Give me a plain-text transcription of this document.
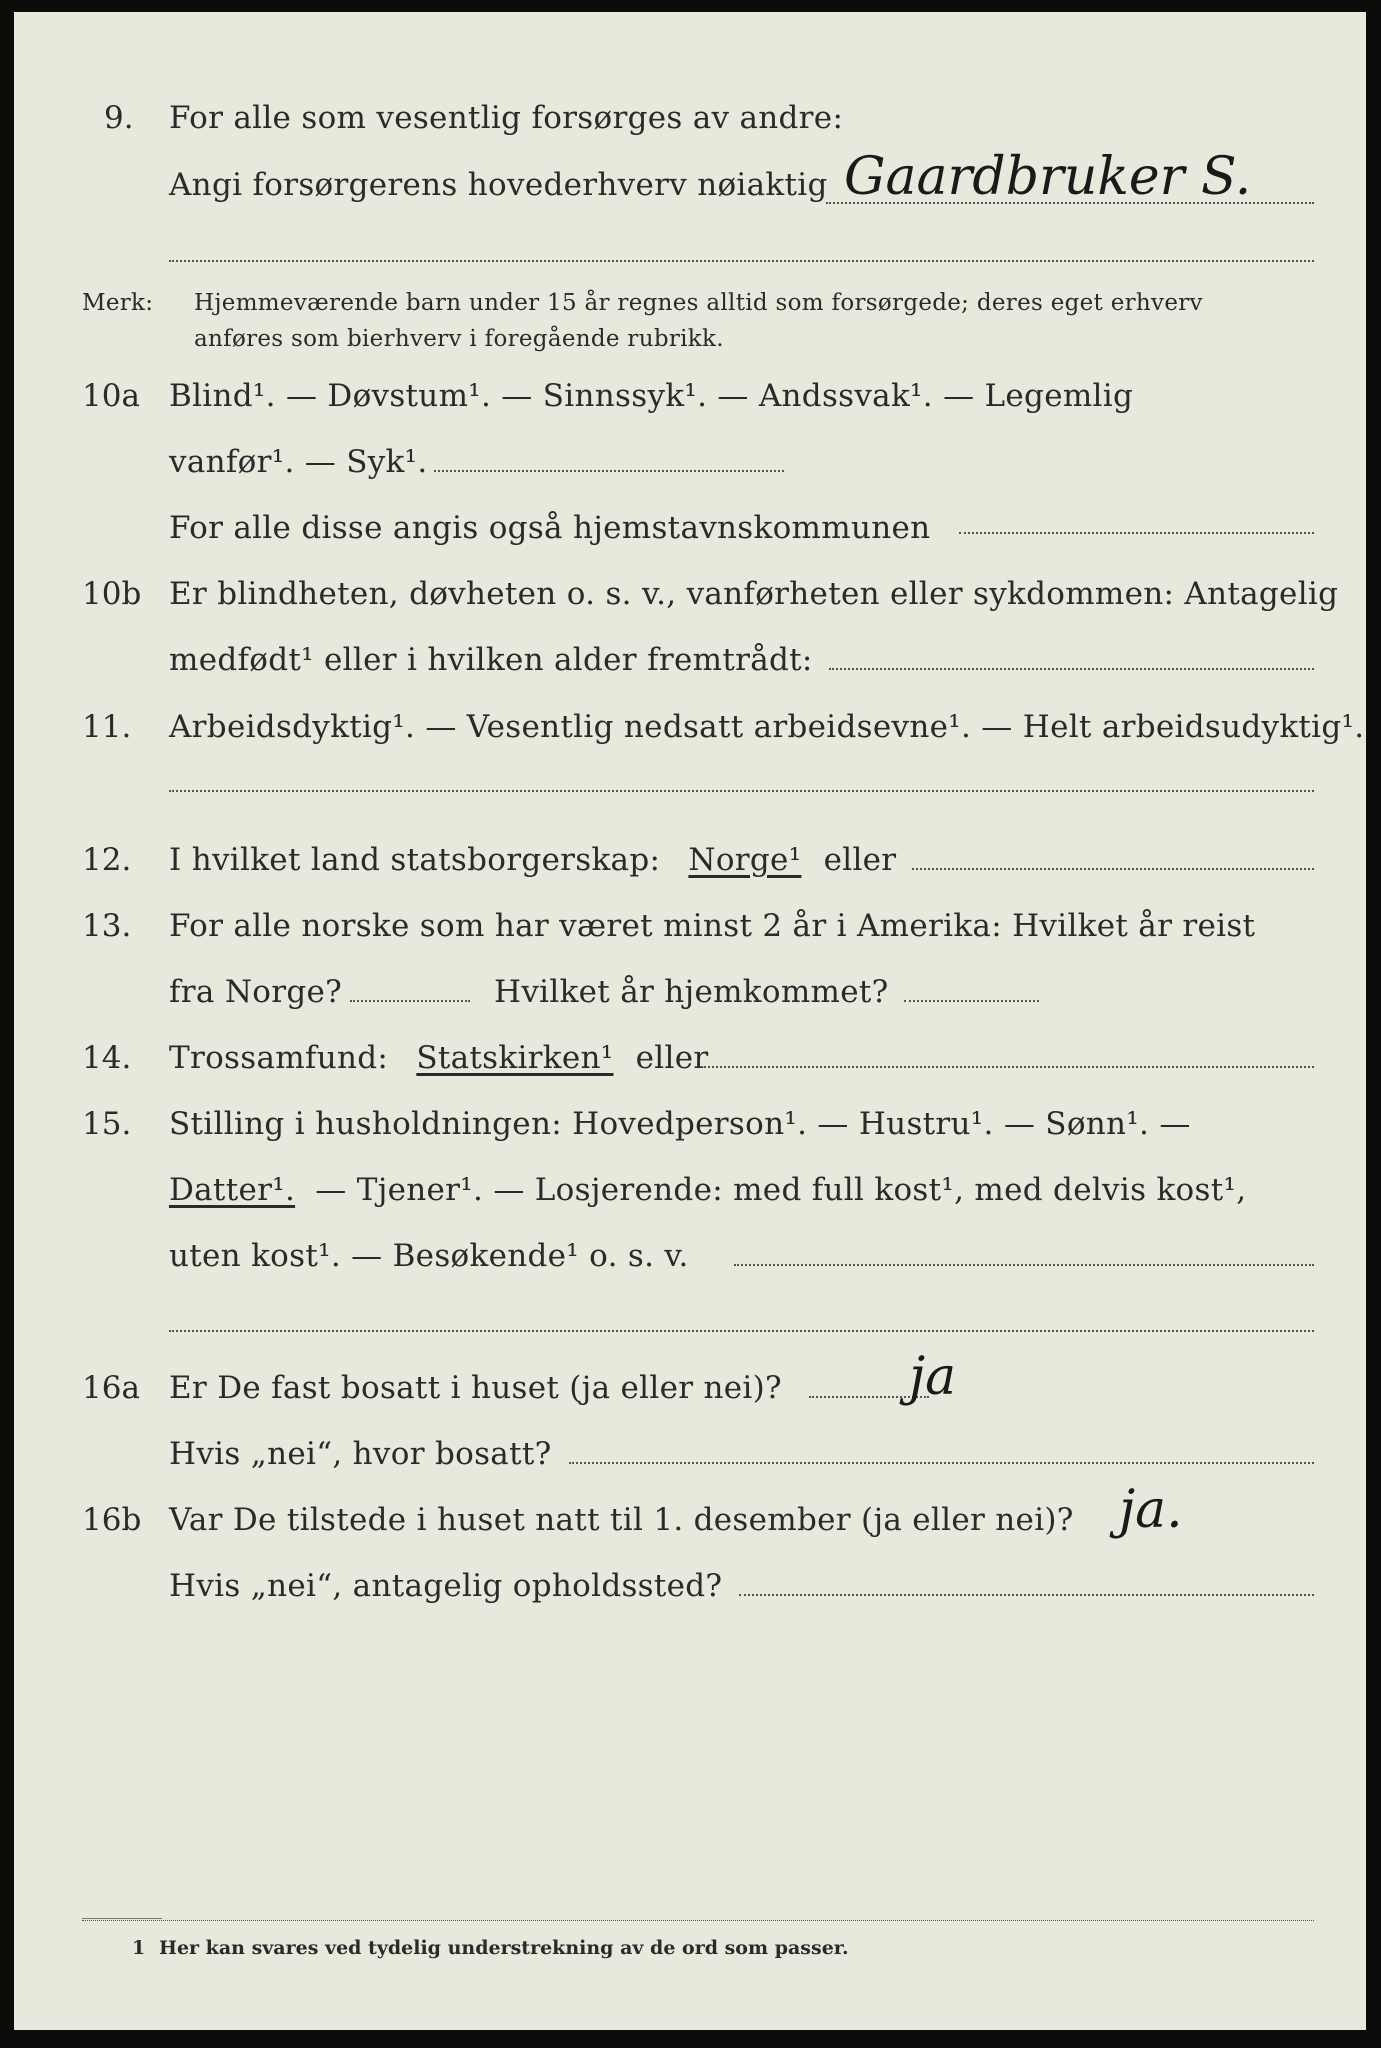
9. For alle som vesentlig forsørges av andre:
Angi forsørgerens hovederhverv nøiaktig Gaardbruker S.
Merk: Hjemmeværende barn under 15 år regnes alltid som forsørgede; deres eget erhverv
anføres som bierhverv i foregående rubrikk.
10a Blind¹. — Døvstum¹. — Sinnssyk¹. — Andssvak¹. — Legemlig
vanfør¹. — Syk¹.
For alle disse angis også hjemstavnskommunen
10b Er blindheten, døvheten o. s. v., vanførheten eller sykdommen: Antagelig
medfødt¹ eller i hvilken alder fremtrådt:
11. Arbeidsdyktig¹. — Vesentlig nedsatt arbeidsevne¹. — Helt arbeidsudyktig¹.
12. I hvilket land statsborgerskap: Norge¹ eller
13. For alle norske som har været minst 2 år i Amerika: Hvilket år reist
fra Norge?	Hvilket år hjemkommet?
14. Trossamfund: Statskirken¹ eller
15. Stilling i husholdningen: Hovedperson¹. — Hustru¹. — Sønn¹. —
Datter¹. — Tjener¹. — Losjerende: med full kost¹, med delvis kost¹,
uten kost¹. — Besøkende¹ o. s. v.
16a Er De fast bosatt i huset (ja eller nei)? ja
Hvis „nei“, hvor bosatt?
16b Var De tilstede i huset natt til 1. desember (ja eller nei)? ja.
Hvis „nei“, antagelig opholdssted?
1 Her kan svares ved tydelig understrekning av de ord som passer.
